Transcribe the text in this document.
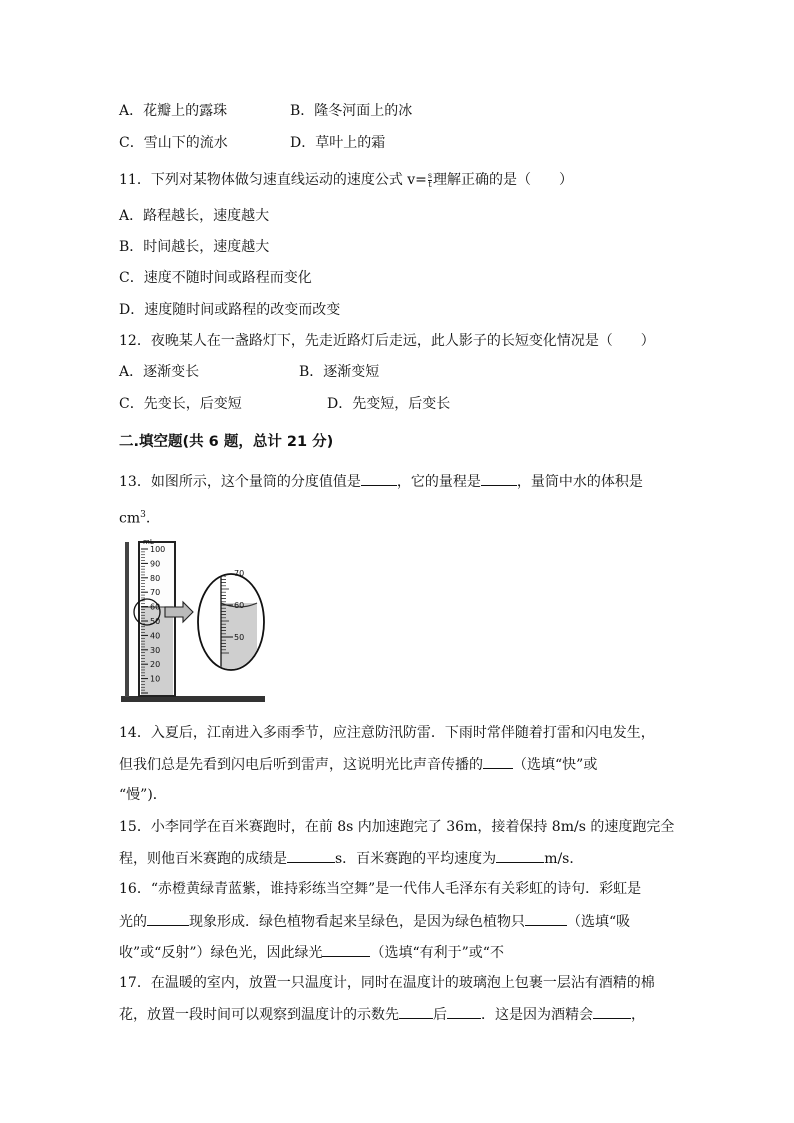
A．花瓣上的露珠	B．隆冬河面上的冰
C．雪山下的流水	D．草叶上的霜
11．下列对某物体做匀速直线运动的速度公式 $v= \frac{s}{t}$ 理解正确的是（　　）
A．路程越长，速度越大
B．时间越长，速度越大
C．速度不随时间或路程而变化
D．速度随时间或路程的改变而改变
12．夜晚某人在一盏路灯下，先走近路灯后走远，此人影子的长短变化情况是（　　）
A．逐渐变长	B．逐渐变短
C．先变长，后变短	D．先变短，后变长
二.填空题(共 6 题，总计 21 分)
13．如图所示，这个量筒的分度值值是	，它的量程是	，量筒中水的体积是
$cm^3$.
mL
100
90
80
70
60
50
40
30
20
10
70
60
50
14．入夏后，江南进入多雨季节，应注意防汛防雷．下雨时常伴随着打雷和闪电发生，
但我们总是先看到闪电后听到雷声，这说明光比声音传播的 （选填“快”或
“慢”)．
15．小李同学在百米赛跑时，在前 8s 内加速跑完了 36m，接着保持 8m/s 的速度跑完全
程，则他百米赛跑的成绩是	s．百米赛跑的平均速度为	m/s．
16．“赤橙黄绿青蓝紫，谁持彩练当空舞”是一代伟人毛泽东有关彩虹的诗句．彩虹是
光的	现象形成．绿色植物看起来呈绿色，是因为绿色植物只	（选填“吸
收”或“反射”）绿色光，因此绿光	（选填“有利于”或“不
17．在温暖的室内，放置一只温度计，同时在温度计的玻璃泡上包裹一层沾有酒精的棉
花，放置一段时间可以观察到温度计的示数先 后 ．这是因为酒精会	，
